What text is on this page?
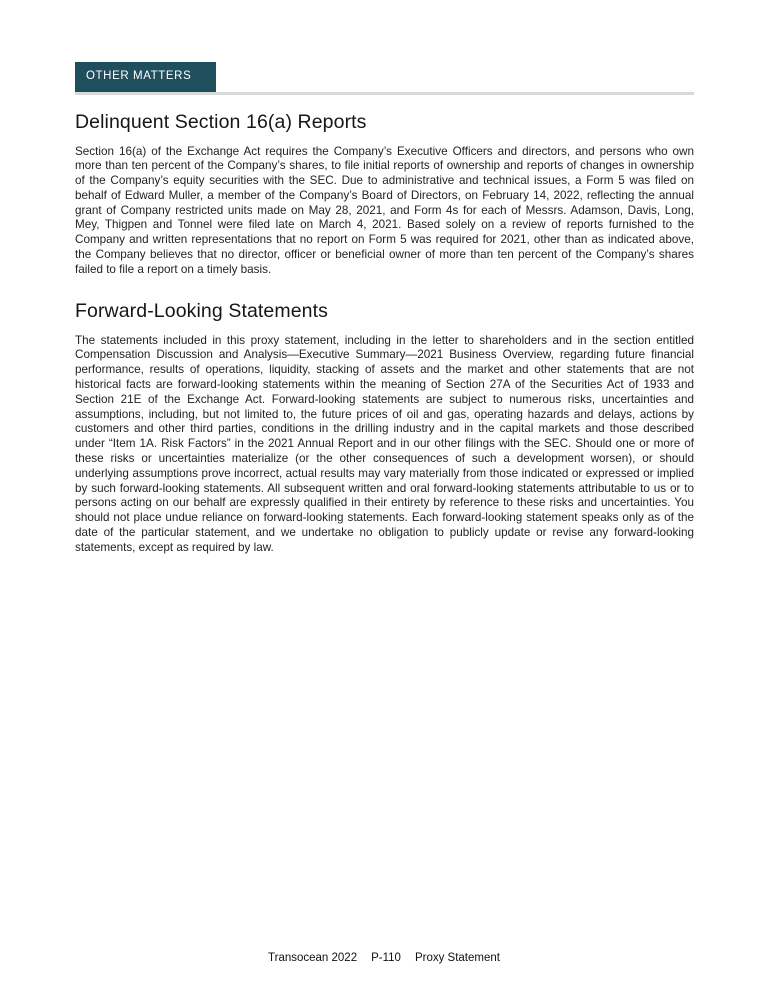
OTHER MATTERS
Delinquent Section 16(a) Reports

Section 16(a) of the Exchange Act requires the Company’s Executive Officers and directors, and persons who own more than ten percent of the Company’s shares, to file initial reports of ownership and reports of changes in ownership of the Company’s equity securities with the SEC. Due to administrative and technical issues, a Form 5 was filed on behalf of Edward Muller, a member of the Company’s Board of Directors, on February 14, 2022, reflecting the annual grant of Company restricted units made on May 28, 2021, and Form 4s for each of Messrs. Adamson, Davis, Long, Mey, Thigpen and Tonnel were filed late on March 4, 2021. Based solely on a review of reports furnished to the Company and written representations that no report on Form 5 was required for 2021, other than as indicated above, the Company believes that no director, officer or beneficial owner of more than ten percent of the Company’s shares failed to file a report on a timely basis.

Forward-Looking Statements

The statements included in this proxy statement, including in the letter to shareholders and in the section entitled Compensation Discussion and Analysis—Executive Summary—2021 Business Overview, regarding future financial performance, results of operations, liquidity, stacking of assets and the market and other statements that are not historical facts are forward-looking statements within the meaning of Section 27A of the Securities Act of 1933 and Section 21E of the Exchange Act. Forward-looking statements are subject to numerous risks, uncertainties and assumptions, including, but not limited to, the future prices of oil and gas, operating hazards and delays, actions by customers and other third parties, conditions in the drilling industry and in the capital markets and those described under “Item 1A. Risk Factors” in the 2021 Annual Report and in our other filings with the SEC. Should one or more of these risks or uncertainties materialize (or the other consequences of such a development worsen), or should underlying assumptions prove incorrect, actual results may vary materially from those indicated or expressed or implied by such forward-looking statements. All subsequent written and oral forward-looking statements attributable to us or to persons acting on our behalf are expressly qualified in their entirety by reference to these risks and uncertainties. You should not place undue reliance on forward-looking statements. Each forward-looking statement speaks only as of the date of the particular statement, and we undertake no obligation to publicly update or revise any forward-looking statements, except as required by law.

Transocean 2022 P-110 Proxy Statement
